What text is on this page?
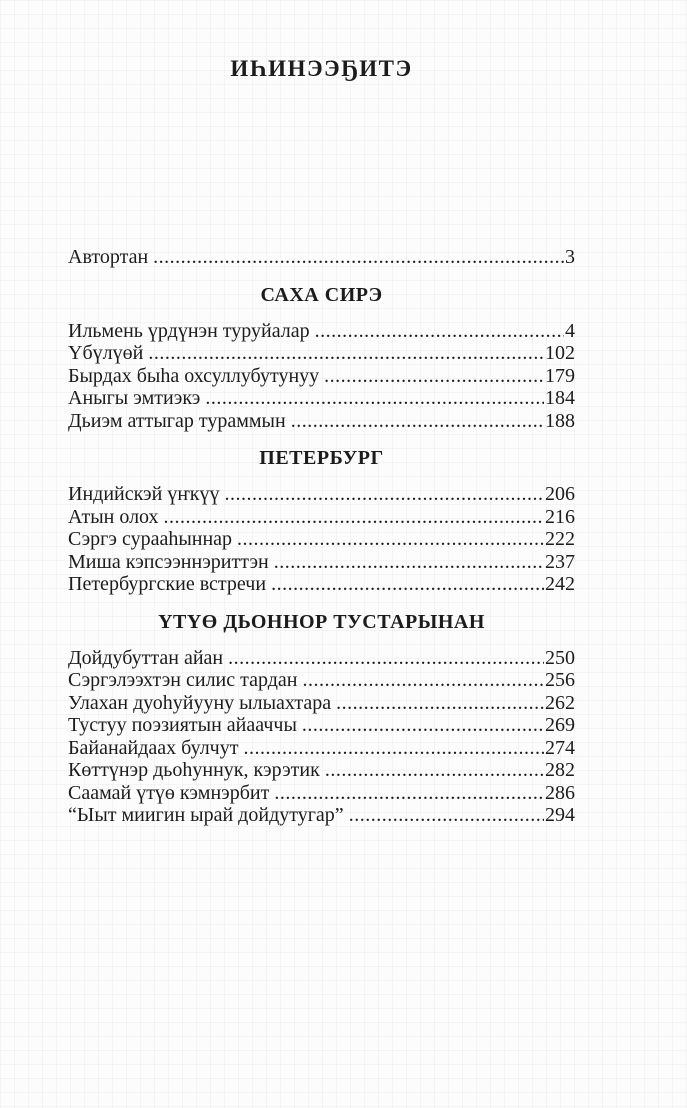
ИҺИНЭЭҔИТЭ
Автортан .....	3
САХА СИРЭ
Ильмень үрдүнэн туруйалар .....	4
Үбүлүөй .....	102
Бырдах быһа охсуллубутунуу .....	179
Аныгы эмтиэкэ .....	184
Дьиэм аттыгар тураммын .....	188
ПЕТЕРБУРГ
Индийскэй үҥкүү .....	206
Атын олох .....	216
Сэргэ сурааһыннар .....	222
Миша кэпсээннэриттэн .....	237
Петербургские встречи .....	242
ҮТҮӨ ДЬОННОР ТУСТАРЫНАН
Дойдубуттан айан .....	250
Сэргэлээхтэн силис тардан .....	256
Улахан дуоһуйууну ылыахтара .....	262
Тустуу поэзиятын айааччы .....	269
Байанайдаах булчут .....	274
Көттүнэр дьоһуннук, кэрэтик .....	282
Саамай үтүө кэмнэрбит .....	286
“Ыыт миигин ырай дойдутугар” .....	294
